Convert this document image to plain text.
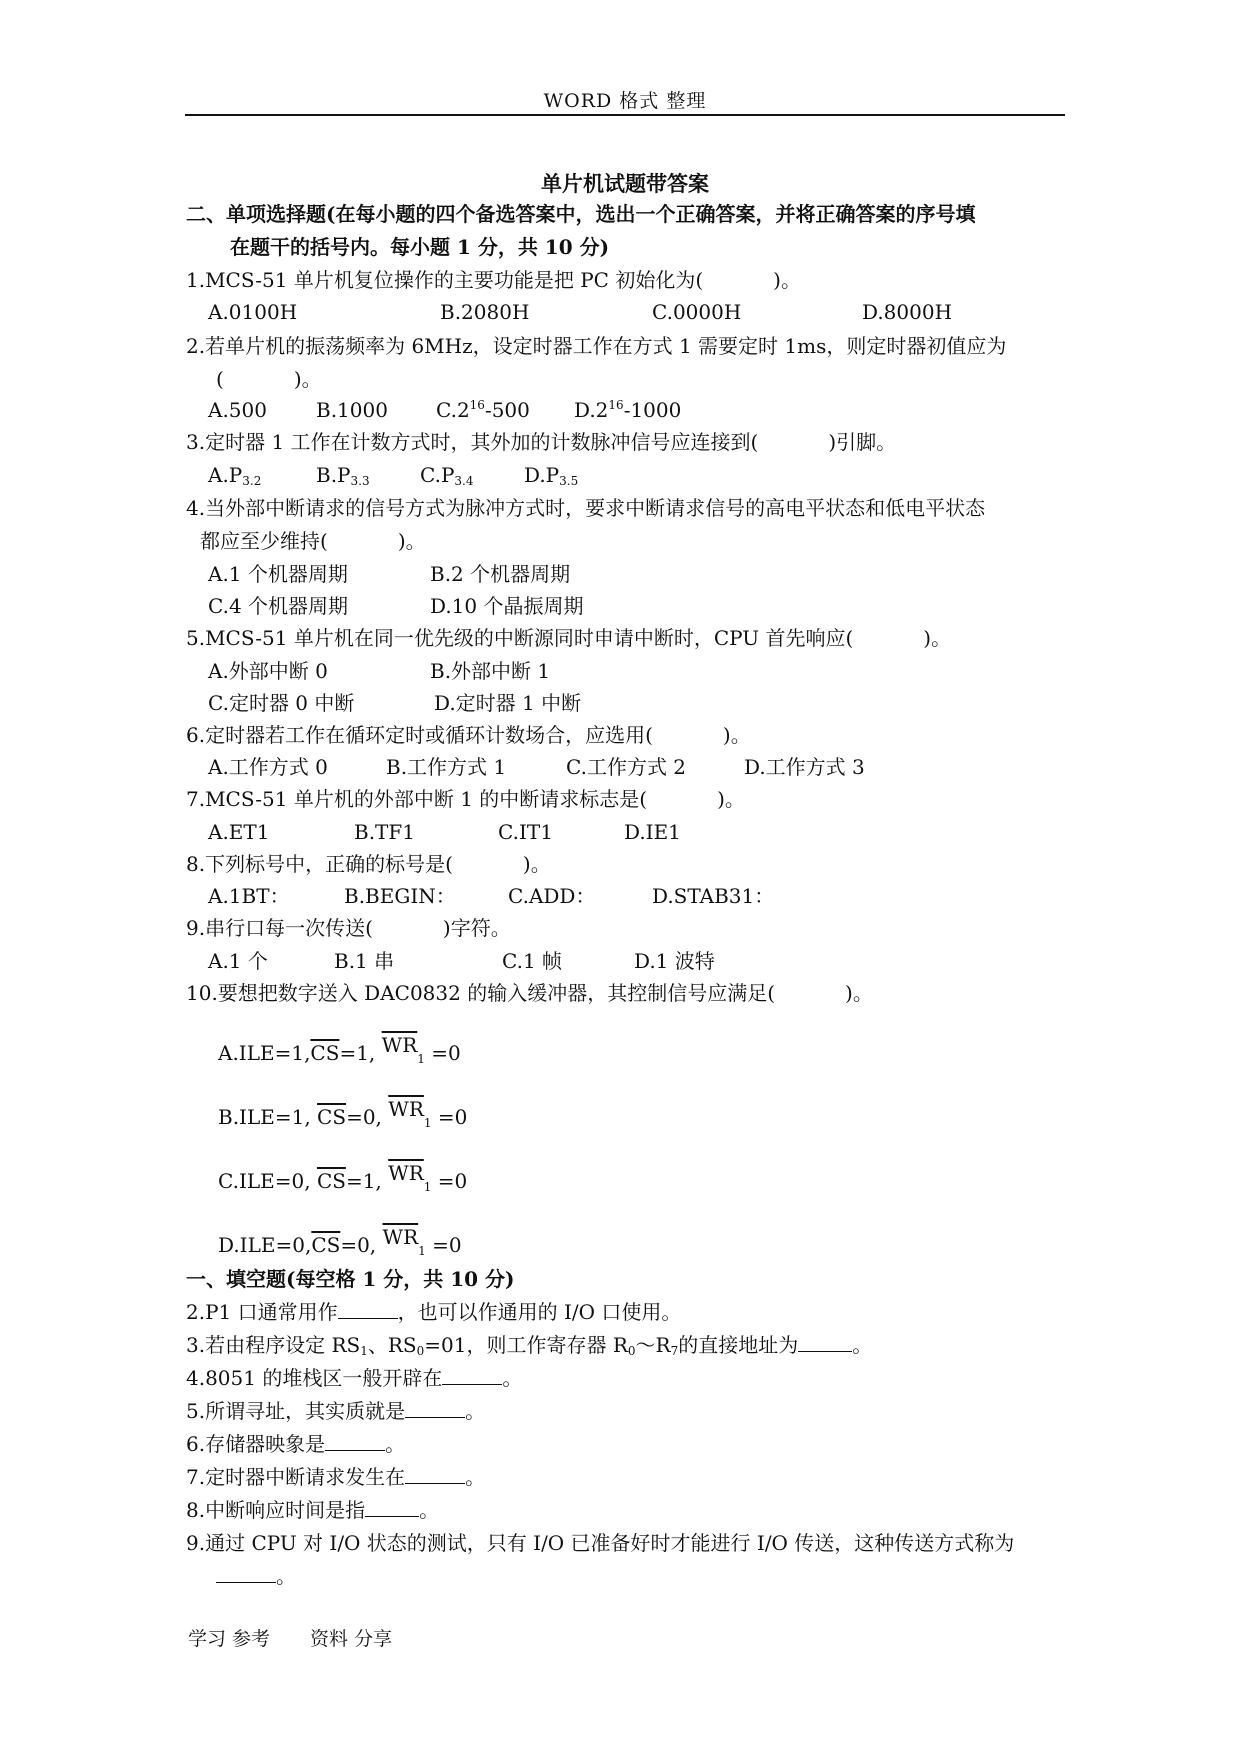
WORD 格式 整理
单片机试题带答案
二、单项选择题(在每小题的四个备选答案中，选出一个正确答案，并将正确答案的序号填
在题干的括号内。每小题 1 分，共 10 分)
1.MCS-51 单片机复位操作的主要功能是把 PC 初始化为(	)。
A.0100H	B.2080H	C.0000H	D.8000H
2.若单片机的振荡频率为 6MHz，设定时器工作在方式 1 需要定时 1ms，则定时器初值应为
(	)。
A.500 B.1000 $C.2^{16}-500$ $D.2^{16}-1000$
3.定时器 1 工作在计数方式时，其外加的计数脉冲信号应连接到(	)引脚。
$A.P_{3.2}$	$B.P_{3.3}$	$C.P_{3.4}$	$D.P_{3.5}$
4.当外部中断请求的信号方式为脉冲方式时，要求中断请求信号的高电平状态和低电平状态
都应至少维持(	)。
A.1 个机器周期	B.2 个机器周期
C.4 个机器周期	D.10 个晶振周期
5.MCS-51 单片机在同一优先级的中断源同时申请中断时，CPU 首先响应(	)。
A.外部中断 0	B.外部中断 1
C.定时器 0 中断	D.定时器 1 中断
6.定时器若工作在循环定时或循环计数场合，应选用(	)。
A.工作方式 0	B.工作方式 1	C.工作方式 2	D.工作方式 3
7.MCS-51 单片机的外部中断 1 的中断请求标志是(	)。
A.ET1	B.TF1	C.IT1	D.IE1
8.下列标号中，正确的标号是(	)。
A.1BT：	B.BEGIN：	C.ADD：	D.STAB31：
9.串行口每一次传送(	)字符。
A.1 个	B.1 串	C.1 帧	D.1 波特
10.要想把数字送入 DAC0832 的输入缓冲器，其控制信号应满足(	)。
$A.ILE=1,\overline{CS}=1$, $\overline{WR}_1 =0$
B.ILE=1, $\overline{CS}=0$, $\overline{WR}_1 =0$
C.ILE=0, $\overline{CS}=1$, $\overline{WR}_1 =0$
$D.ILE=0,\overline{CS}=0$, $\overline{WR}_1 =0$
一、填空题(每空格 1 分，共 10 分)
2.P1 口通常用作	，也可以作通用的 I/O 口使用。
3.若由程序设定 $RS_1$、$RS_0=01$，则工作寄存器 $R_0\sim R_7$的直接地址为	。
4.8051 的堆栈区一般开辟在	。
5.所谓寻址，其实质就是	。
6.存储器映象是	。
7.定时器中断请求发生在	。
8.中断响应时间是指	。
9.通过 CPU 对 I/O 状态的测试，只有 I/O 已准备好时才能进行 I/O 传送，这种传送方式称为
。
学习 参考 资料 分享
